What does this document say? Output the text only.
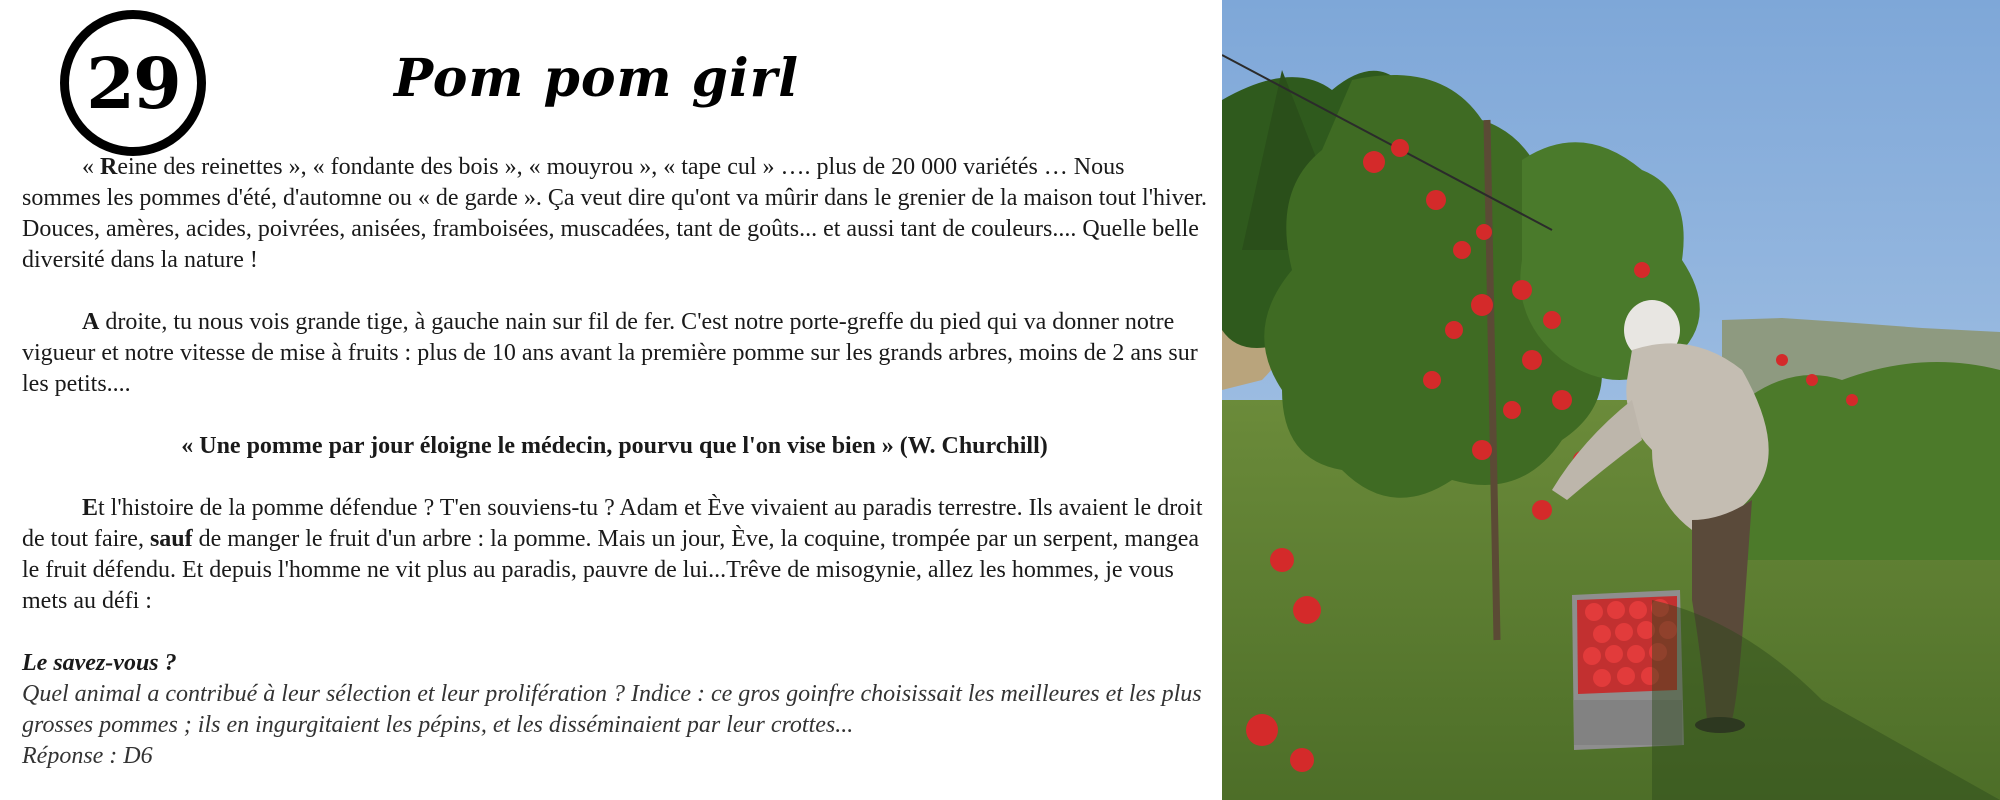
29	Pom pom girl

« Reine des reinettes », « fondante des bois », « mouyrou », « tape cul » …. plus de 20 000 variétés … Nous sommes les pommes d'été, d'automne ou « de garde ». Ça veut dire qu'ont va mûrir dans le grenier de la maison tout l'hiver. Douces, amères, acides, poivrées, anisées, framboisées, muscadées, tant de goûts... et aussi tant de couleurs.... Quelle belle diversité dans la nature !

A droite, tu nous vois grande tige, à gauche nain sur fil de fer. C'est notre porte-greffe du pied qui va donner notre vigueur et notre vitesse de mise à fruits : plus de 10 ans avant la première pomme sur les grands arbres, moins de 2 ans sur les petits....

« Une pomme par jour éloigne le médecin, pourvu que l'on vise bien » (W. Churchill)

Et l'histoire de la pomme défendue ? T'en souviens-tu ? Adam et Ève vivaient au paradis terrestre. Ils avaient le droit de tout faire, sauf de manger le fruit d'un arbre : la pomme. Mais un jour, Ève, la coquine, trompée par un serpent, mangea le fruit défendu. Et depuis l'homme ne vit plus au paradis, pauvre de lui...Trêve de misogynie, allez les hommes, je vous mets au défi :

Le savez-vous ?

Quel animal a contribué à leur sélection et leur prolifération ? Indice : ce gros goinfre choisissait les meilleures et les plus grosses pommes ; ils en ingurgitaient les pépins, et les disséminaient par leur crottes...

Réponse : D6
